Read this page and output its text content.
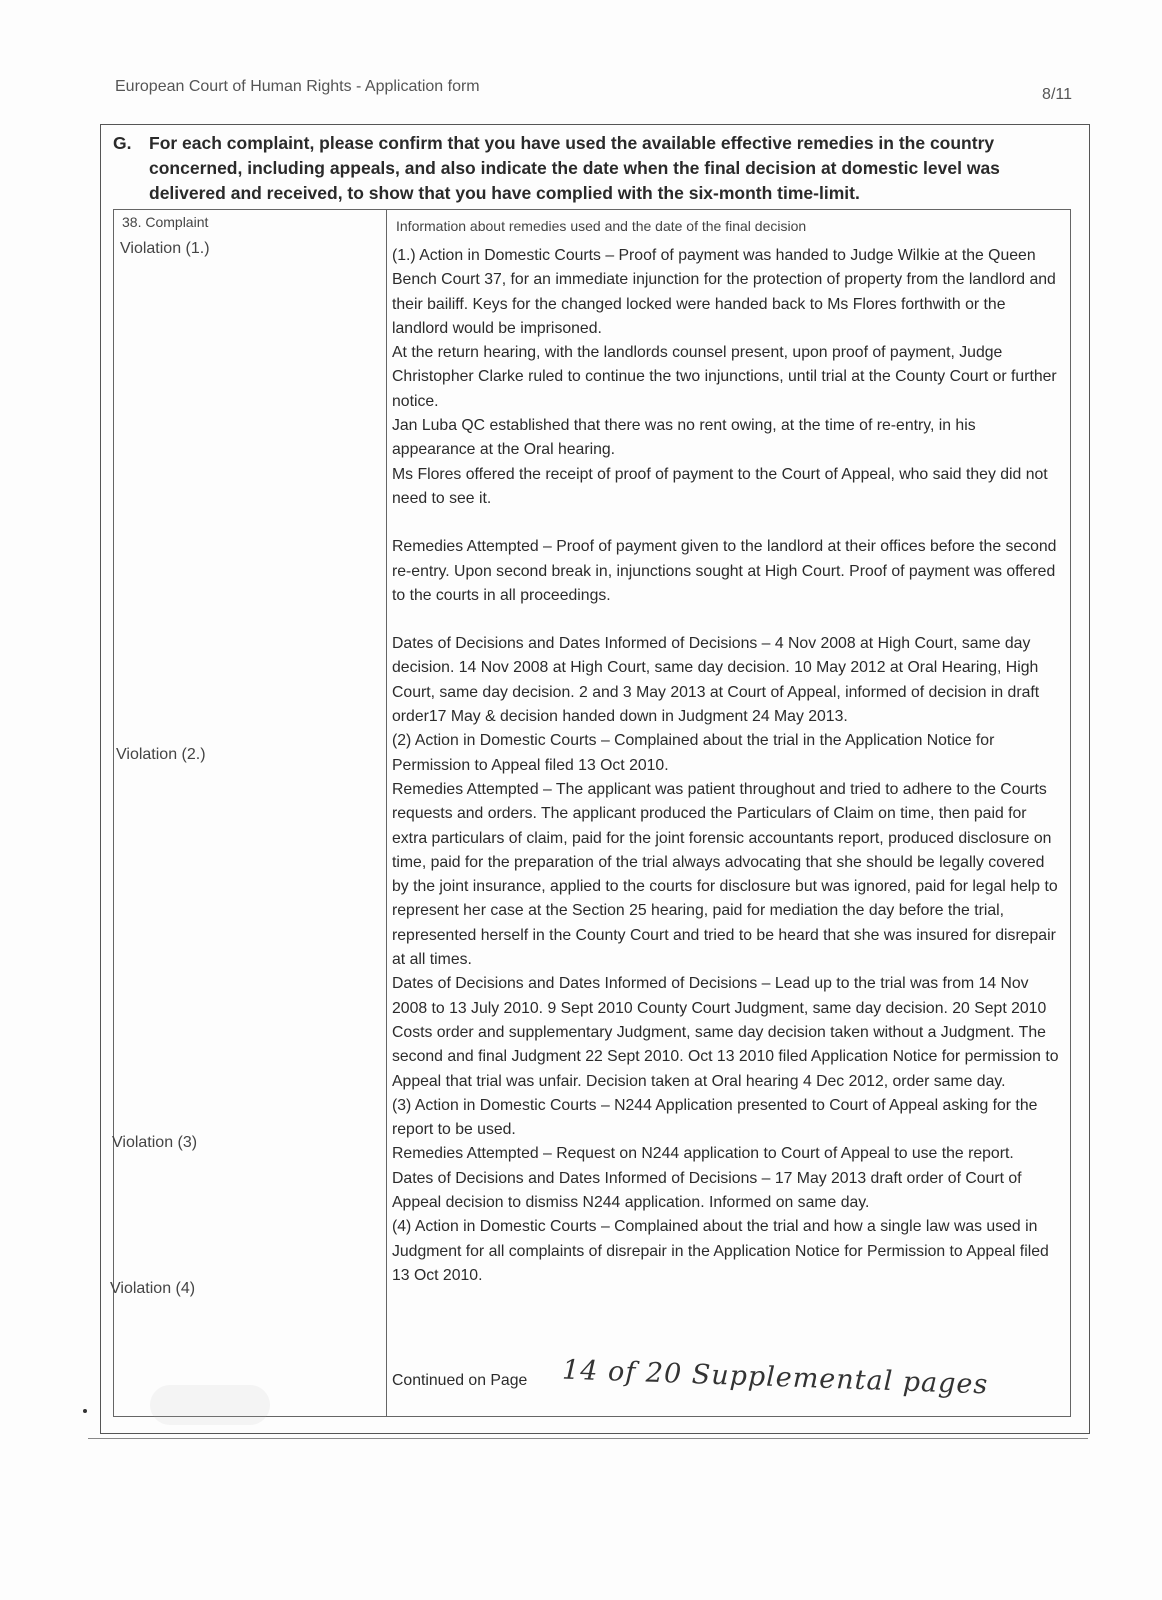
European Court of Human Rights - Application form	8/11
G. For each complaint, please confirm that you have used the available effective remedies in the country concerned, including appeals, and also indicate the date when the final decision at domestic level was delivered and received, to show that you have complied with the six-month time-limit.
38. Complaint	Information about remedies used and the date of the final decision
Violation (1.)
Violation (2.)
Violation (3)
Violation (4)

(1.) Action in Domestic Courts – Proof of payment was handed to Judge Wilkie at the Queen Bench Court 37, for an immediate injunction for the protection of property from the landlord and their bailiff. Keys for the changed locked were handed back to Ms Flores forthwith or the landlord would be imprisoned.

At the return hearing, with the landlords counsel present, upon proof of payment, Judge Christopher Clarke ruled to continue the two injunctions, until trial at the County Court or further notice.

Jan Luba QC established that there was no rent owing, at the time of re-entry, in his appearance at the Oral hearing.

Ms Flores offered the receipt of proof of payment to the Court of Appeal, who said they did not need to see it.

Remedies Attempted – Proof of payment given to the landlord at their offices before the second re-entry. Upon second break in, injunctions sought at High Court. Proof of payment was offered to the courts in all proceedings.

Dates of Decisions and Dates Informed of Decisions – 4 Nov 2008 at High Court, same day decision. 14 Nov 2008 at High Court, same day decision. 10 May 2012 at Oral Hearing, High Court, same day decision. 2 and 3 May 2013 at Court of Appeal, informed of decision in draft order17 May & decision handed down in Judgment 24 May 2013.

(2) Action in Domestic Courts – Complained about the trial in the Application Notice for Permission to Appeal filed 13 Oct 2010.

Remedies Attempted – The applicant was patient throughout and tried to adhere to the Courts requests and orders. The applicant produced the Particulars of Claim on time, then paid for extra particulars of claim, paid for the joint forensic accountants report, produced disclosure on time, paid for the preparation of the trial always advocating that she should be legally covered by the joint insurance, applied to the courts for disclosure but was ignored, paid for legal help to represent her case at the Section 25 hearing, paid for mediation the day before the trial, represented herself in the County Court and tried to be heard that she was insured for disrepair at all times.

Dates of Decisions and Dates Informed of Decisions – Lead up to the trial was from 14 Nov 2008 to 13 July 2010. 9 Sept 2010 County Court Judgment, same day decision. 20 Sept 2010 Costs order and supplementary Judgment, same day decision taken without a Judgment. The second and final Judgment 22 Sept 2010. Oct 13 2010 filed Application Notice for permission to Appeal that trial was unfair. Decision taken at Oral hearing 4 Dec 2012, order same day.

(3) Action in Domestic Courts – N244 Application presented to Court of Appeal asking for the report to be used.

Remedies Attempted – Request on N244 application to Court of Appeal to use the report.

Dates of Decisions and Dates Informed of Decisions – 17 May 2013 draft order of Court of Appeal decision to dismiss N244 application. Informed on same day.

(4) Action in Domestic Courts – Complained about the trial and how a single law was used in Judgment for all complaints of disrepair in the Application Notice for Permission to Appeal filed 13 Oct 2010.

Continued on Page 14 of 20 Supplemental pages
